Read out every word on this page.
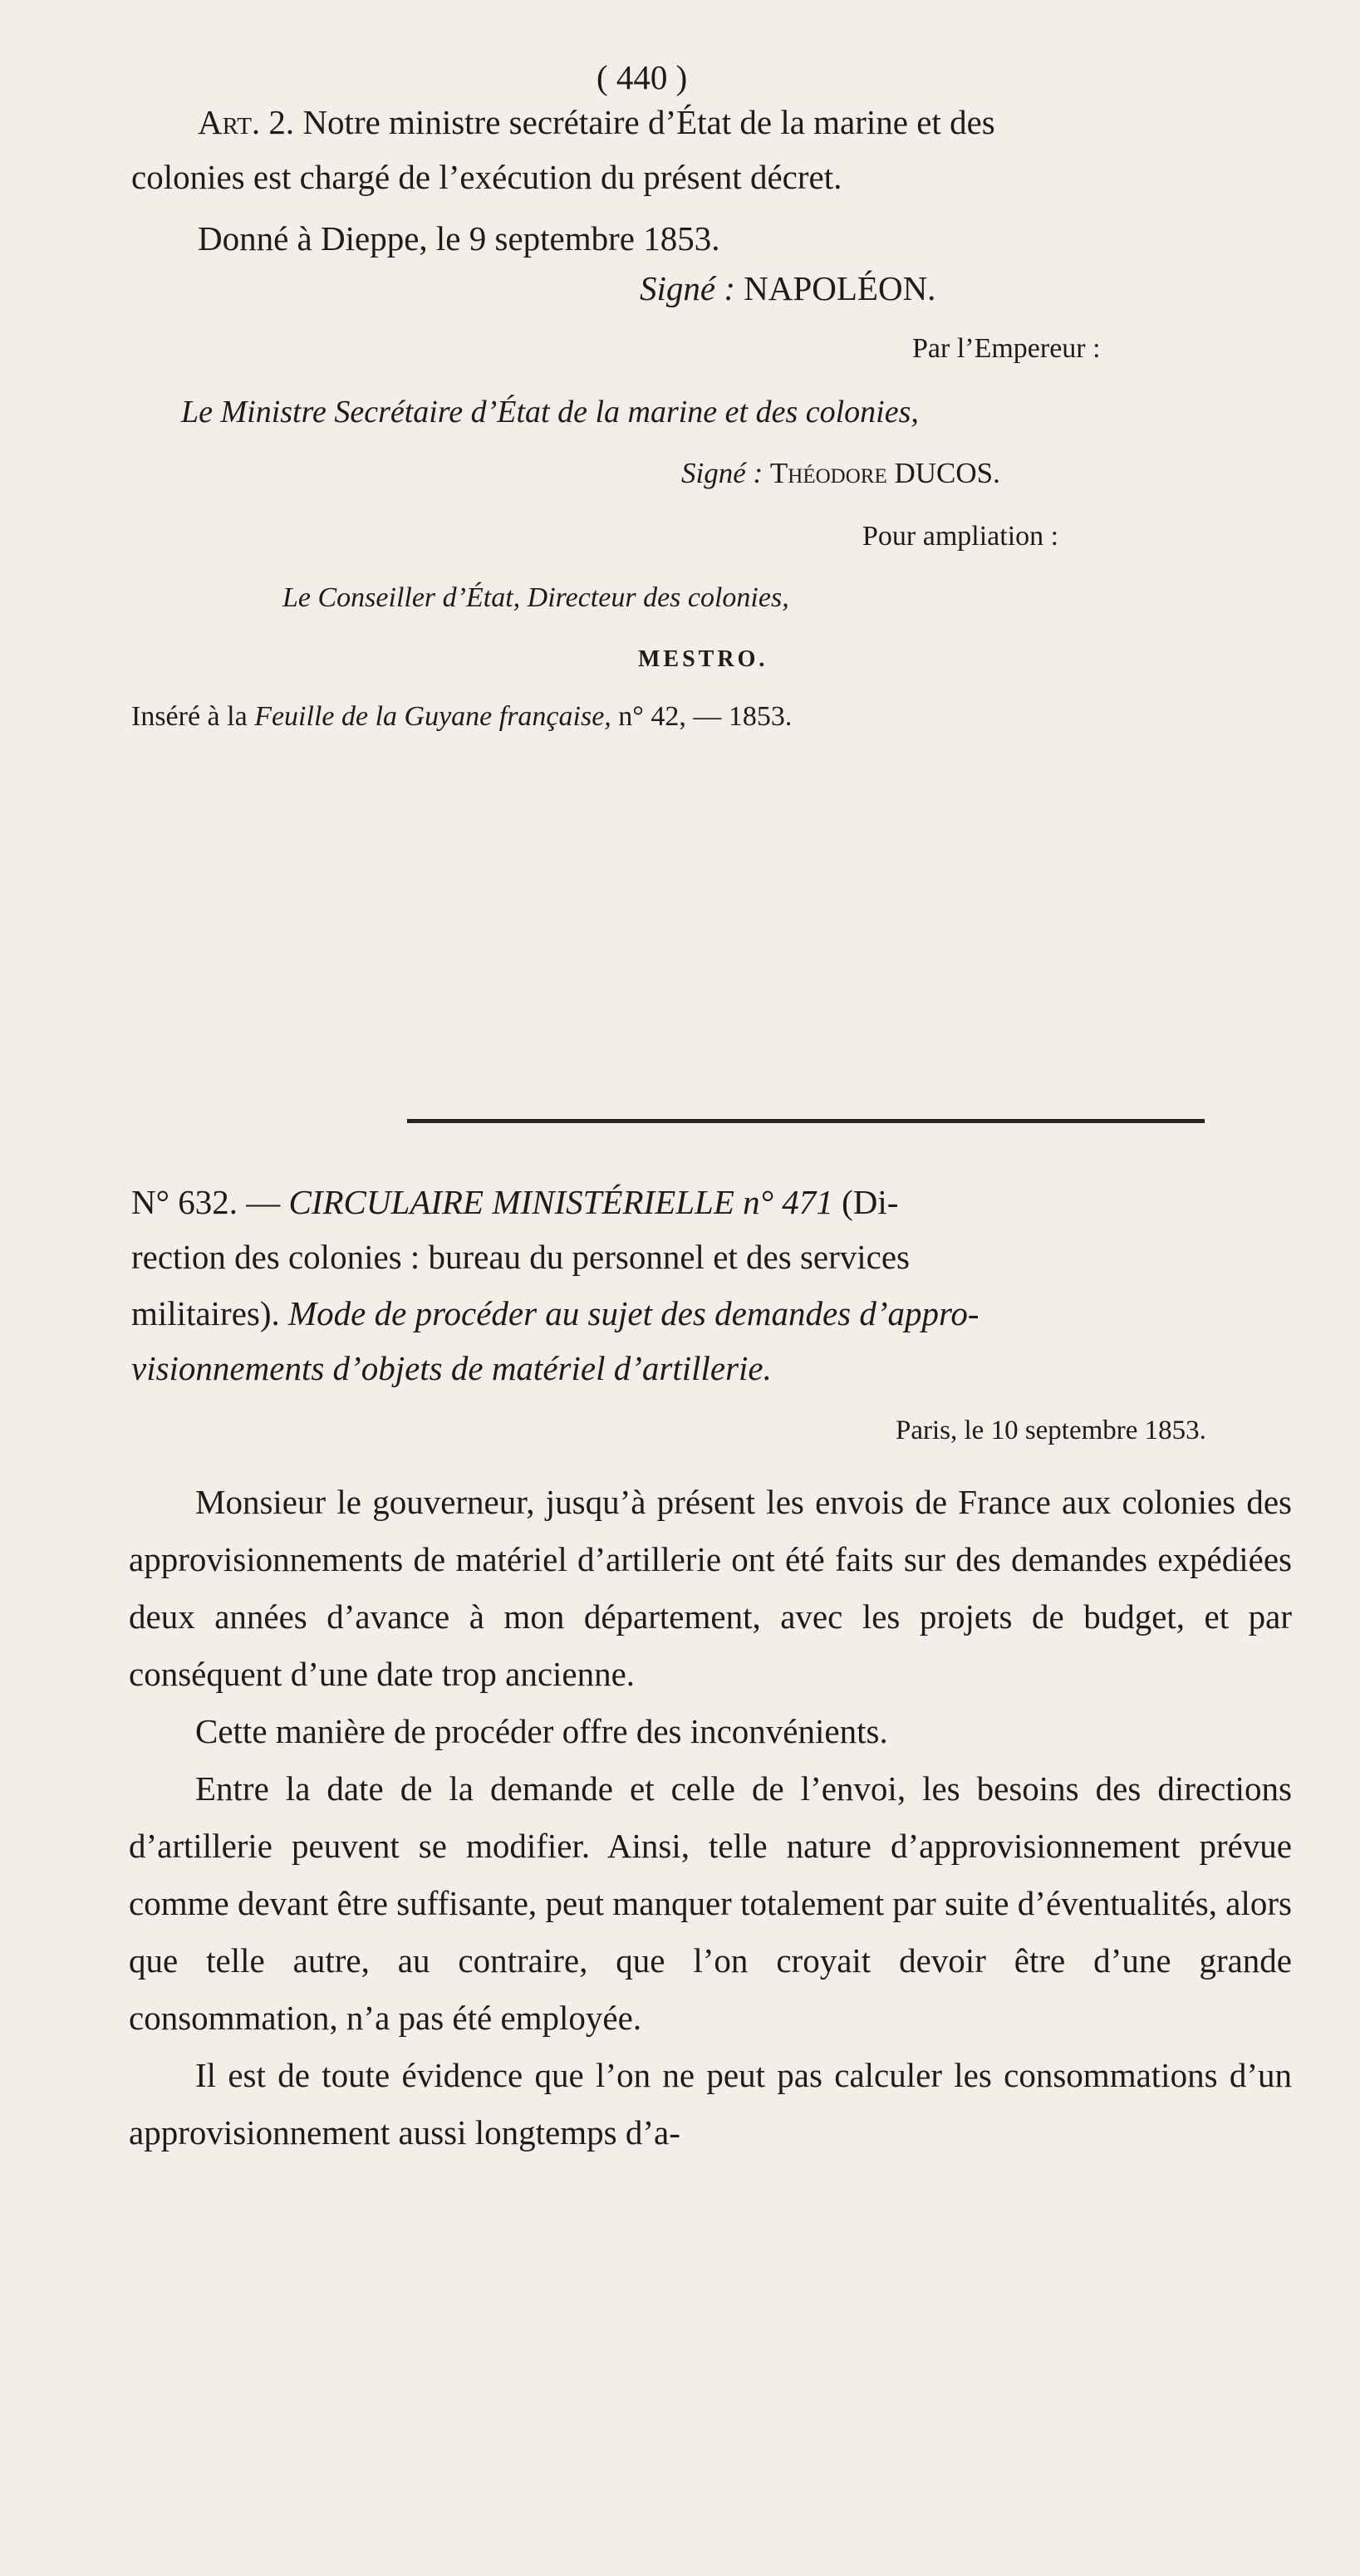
( 440 )
Art. 2. Notre ministre secrétaire d’État de la marine et des
colonies est chargé de l’exécution du présent décret.
Donné à Dieppe, le 9 septembre 1853.
Signé : NAPOLÉON.
Par l’Empereur :
Le Ministre Secrétaire d’État de la marine et des colonies,
Signé : Théodore DUCOS.
Pour ampliation :
Le Conseiller d’État, Directeur des colonies,
MESTRO.
Inséré à la Feuille de la Guyane française, n° 42, — 1853.
N° 632. — CIRCULAIRE MINISTÉRIELLE n° 471 (Di-
rection des colonies : bureau du personnel et des services
militaires). Mode de procéder au sujet des demandes d’appro-
visionnements d’objets de matériel d’artillerie.
Paris, le 10 septembre 1853.

Monsieur le gouverneur, jusqu’à présent les envois de France aux colonies des approvisionnements de matériel d’artillerie ont été faits sur des demandes expédiées deux années d’avance à mon département, avec les projets de budget, et par conséquent d’une date trop ancienne.

Cette manière de procéder offre des inconvénients.

Entre la date de la demande et celle de l’envoi, les besoins des directions d’artillerie peuvent se modifier. Ainsi, telle nature d’approvisionnement prévue comme devant être suffisante, peut manquer totalement par suite d’éventualités, alors que telle autre, au contraire, que l’on croyait devoir être d’une grande consommation, n’a pas été employée.

Il est de toute évidence que l’on ne peut pas calculer les consommations d’un approvisionnement aussi longtemps d’a-
